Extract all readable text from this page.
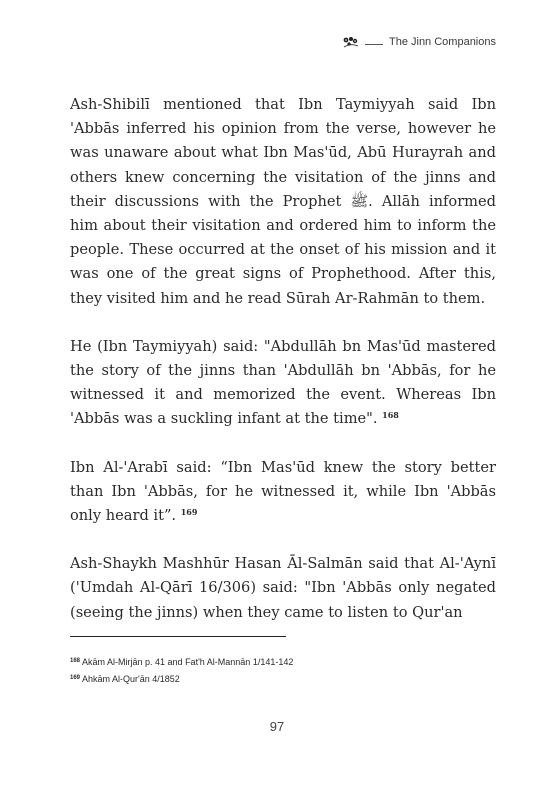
The Jinn Companions

Ash-Shibilī mentioned that Ibn Taymiyyah said Ibn 'Abbās inferred his opinion from the verse, however he was unaware about what Ibn Mas'ūd, Abū Hurayrah and others knew concerning the visitation of the jinns and their discussions with the Prophet ﷺ. Allāh informed him about their visitation and ordered him to inform the people. These occurred at the onset of his mission and it was one of the great signs of Prophethood. After this, they visited him and he read Sūrah Ar-Rahmān to them.

He (Ibn Taymiyyah) said: "Abdullāh bn Mas'ūd mastered the story of the jinns than 'Abdullāh bn 'Abbās, for he witnessed it and memorized the event. Whereas Ibn 'Abbās was a suckling infant at the time". $^{168}$

Ibn Al-'Arabī said: “Ibn Mas'ūd knew the story better than Ibn 'Abbās, for he witnessed it, while Ibn 'Abbās only heard it”. $^{169}$

Ash-Shaykh Mashhūr Hasan Āl-Salmān said that Al-'Aynī ('Umdah Al-Qārī 16/306) said: "Ibn 'Abbās only negated (seeing the jinns) when they came to listen to Qur'an

$^{168}$ Akām Al-Mirjān p. 41 and Fat'h Al-Mannān 1/141-142
$^{169}$ Ahkām Al-Qur'ān 4/1852
97
